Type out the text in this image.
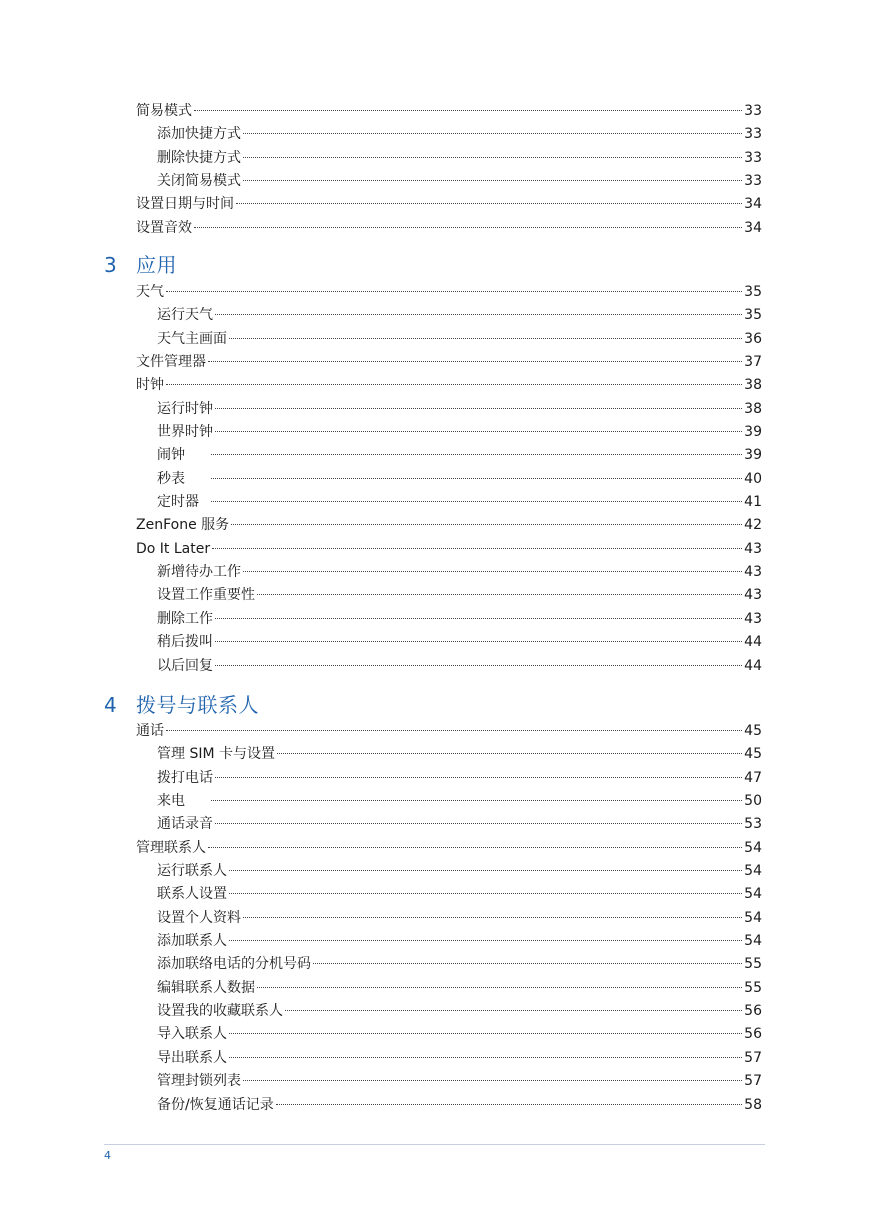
简易模式	33
添加快捷方式	33
删除快捷方式	33
关闭简易模式	33
设置日期与时间	34
设置音效	34
3 应用
天气	35
运行天气	35
天气主画面	36
文件管理器	37
时钟	38
运行时钟	38
世界时钟	39
闹钟	39
秒表	40
定时器	41
ZenFone 服务	42
Do It Later	43
新增待办工作	43
设置工作重要性	43
删除工作	43
稍后拨叫	44
以后回复	44
4 拨号与联系人
通话	45
管理 SIM 卡与设置	45
拨打电话	47
来电	50
通话录音	53
管理联系人	54
运行联系人	54
联系人设置	54
设置个人资料	54
添加联系人	54
添加联络电话的分机号码	55
编辑联系人数据	55
设置我的收藏联系人	56
导入联系人	56
导出联系人	57
管理封锁列表	57
备份/恢复通话记录	58
4
